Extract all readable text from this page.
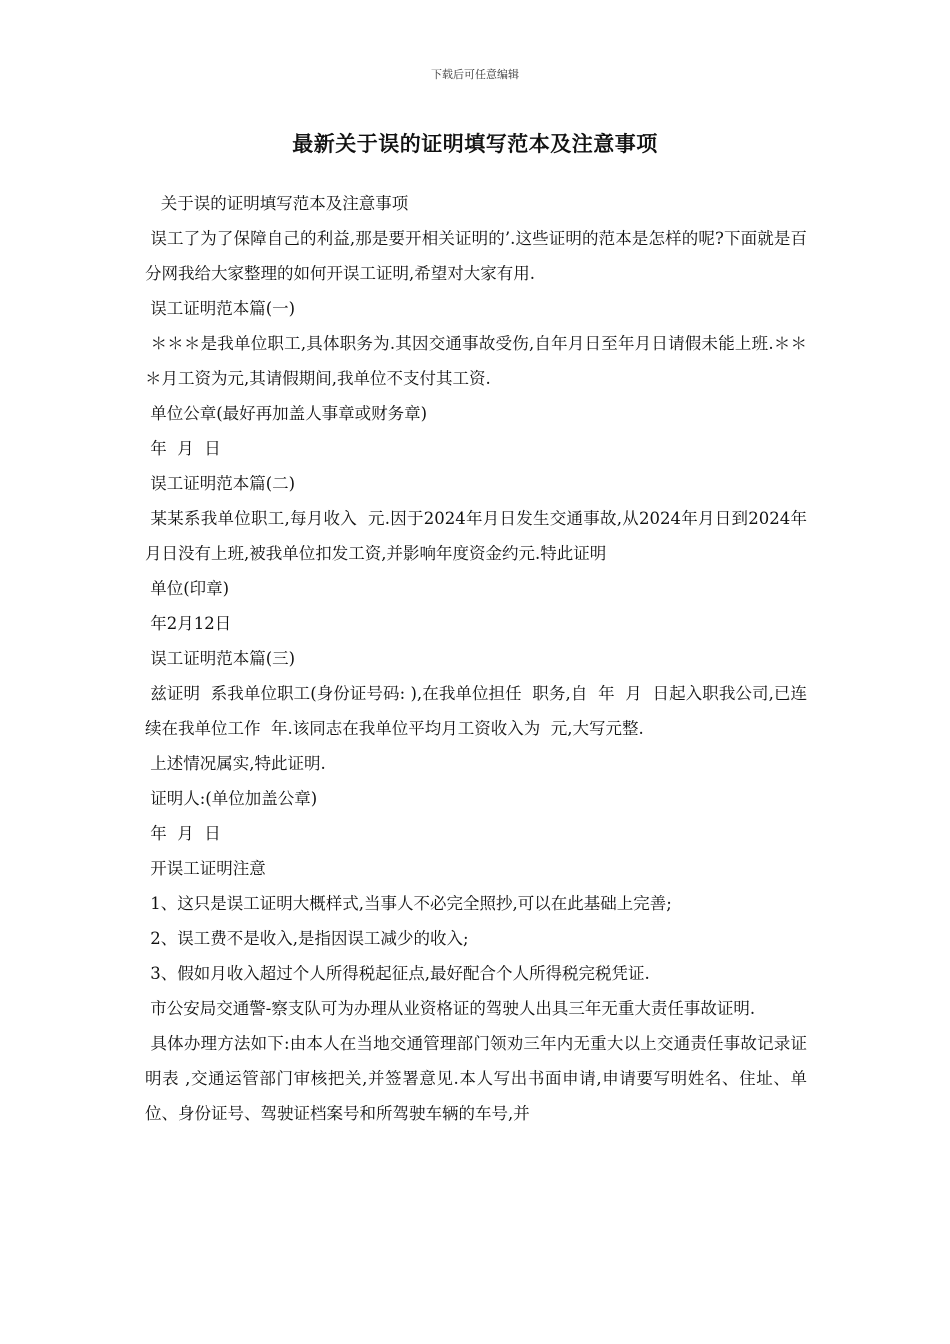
下载后可任意编辑
最新关于误的证明填写范本及注意事项

关于误的证明填写范本及注意事项

误工了为了保障自己的利益,那是要开相关证明的’.这些证明的范本是怎样的呢?下面就是百分网我给大家整理的如何开误工证明,希望对大家有用.

误工证明范本篇(一)

＊＊＊是我单位职工,具体职务为.其因交通事故受伤,自年月日至年月日请假未能上班.＊＊＊月工资为元,其请假期间,我单位不支付其工资.

单位公章(最好再加盖人事章或财务章)

年  月  日

误工证明范本篇(二)

某某系我单位职工,每月收入  元.因于2024年月日发生交通事故,从2024年月日到2024年月日没有上班,被我单位扣发工资,并影响年度资金约元.特此证明

单位(印章)

年2月12日

误工证明范本篇(三)

兹证明  系我单位职工(身份证号码: ),在我单位担任  职务,自  年  月  日起入职我公司,已连续在我单位工作  年.该同志在我单位平均月工资收入为  元,大写元整.

上述情况属实,特此证明.

证明人:(单位加盖公章)

年  月  日

开误工证明注意

1、这只是误工证明大概样式,当事人不必完全照抄,可以在此基础上完善;

2、误工费不是收入,是指因误工减少的收入;

3、假如月收入超过个人所得税起征点,最好配合个人所得税完税凭证.

市公安局交通警-察支队可为办理从业资格证的驾驶人出具三年无重大责任事故证明.

具体办理方法如下:由本人在当地交通管理部门领劝三年内无重大以上交通责任事故记录证明表 ,交通运管部门审核把关,并签署意见.本人写出书面申请,申请要写明姓名、住址、单位、身份证号、驾驶证档案号和所驾驶车辆的车号,并
